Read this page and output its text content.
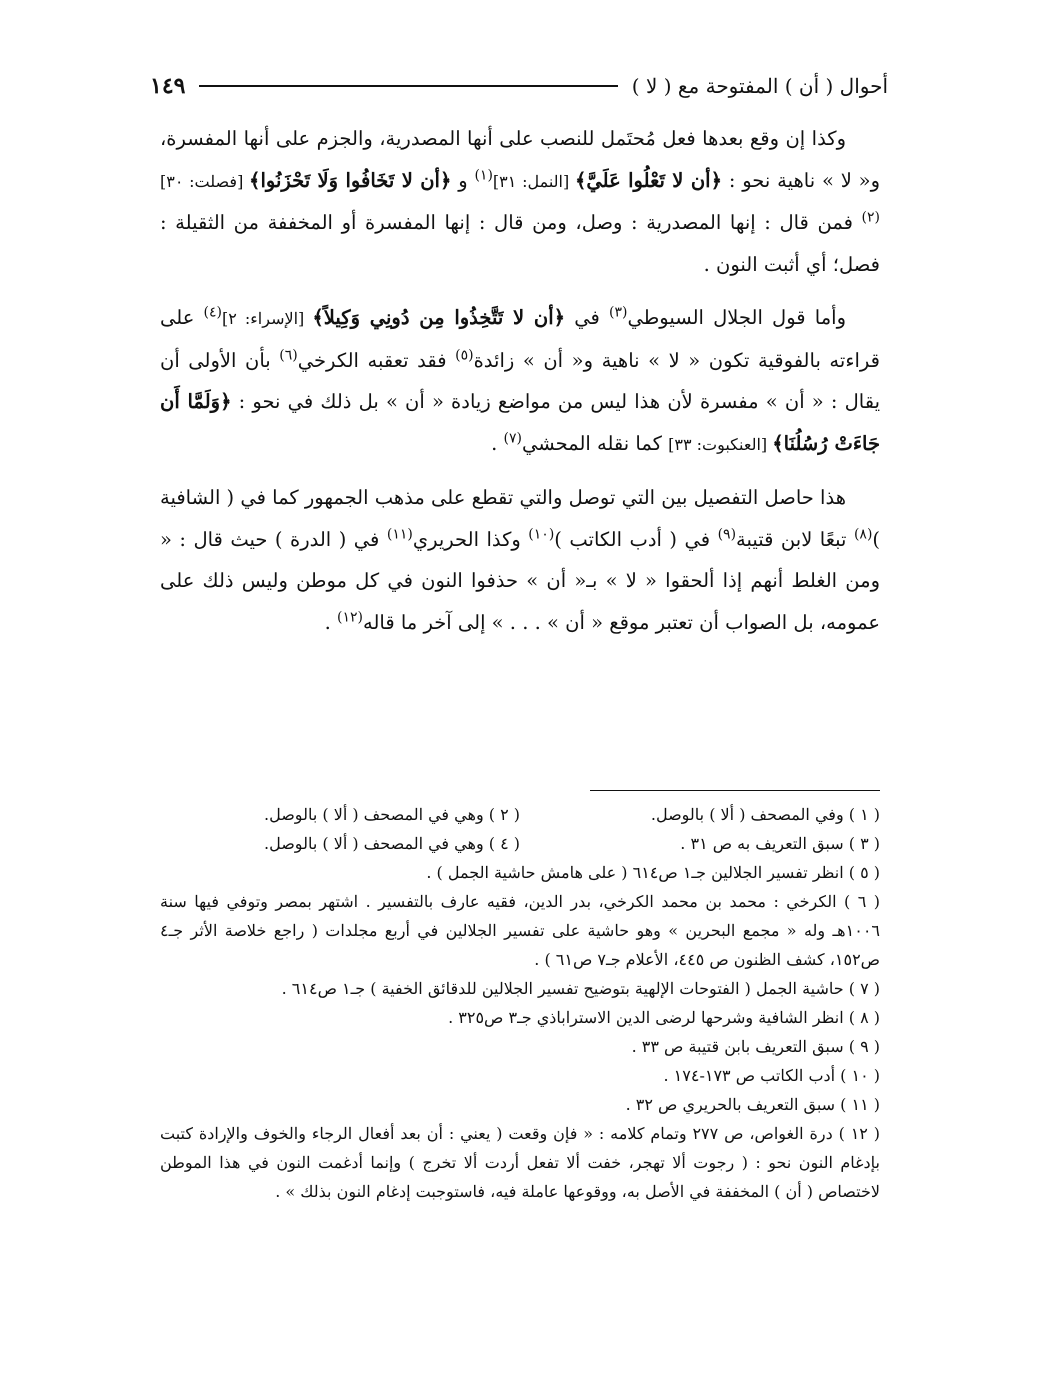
أحوال ( أن ) المفتوحة مع ( لا )
١٤٩

وكذا إن وقع بعدها فعل مُحتَمل للنصب على أنها المصدرية، والجزم على أنها المفسرة، و« لا » ناهية نحو : ﴿أن لا تَعْلُوا عَلَيَّ﴾ [النمل: ٣١]$^{(١)}$ و ﴿أن لا تَخَافُوا وَلَا تَحْزَنُوا﴾ [فصلت: ٣٠]$^{(٢)}$ فمن قال : إنها المصدرية : وصل، ومن قال : إنها المفسرة أو المخففة من الثقيلة : فصل؛ أي أثبت النون .

وأما قول الجلال السيوطي$^{(٣)}$ في ﴿أن لا تَتَّخِذُوا مِن دُونِي وَكِيلاً﴾ [الإسراء: ٢]$^{(٤)}$ على قراءته بالفوقية تكون « لا » ناهية و« أن » زائدة$^{(٥)}$ فقد تعقبه الكرخي$^{(٦)}$ بأن الأولى أن يقال : « أن » مفسرة لأن هذا ليس من مواضع زيادة « أن » بل ذلك في نحو : ﴿وَلَمَّا أَن جَاءَتْ رُسُلُنَا﴾ [العنكبوت: ٣٣] كما نقله المحشي$^{(٧)}$ .

هذا حاصل التفصيل بين التي توصل والتي تقطع على مذهب الجمهور كما في ( الشافية )$^{(٨)}$ تبعًا لابن قتيبة$^{(٩)}$ في ( أدب الكاتب )$^{(١٠)}$ وكذا الحريري$^{(١١)}$ في ( الدرة ) حيث قال : « ومن الغلط أنهم إذا ألحقوا « لا » بـ« أن » حذفوا النون في كل موطن وليس ذلك على عمومه، بل الصواب أن تعتبر موقع « أن » . . . » إلى آخر ما قاله$^{(١٢)}$ .

( ١ ) وفي المصحف ( ألا ) بالوصل.
( ٢ ) وهي في المصحف ( ألا ) بالوصل.
( ٣ ) سبق التعريف به ص ٣١ .
( ٤ ) وهي في المصحف ( ألا ) بالوصل.
( ٥ ) انظر تفسير الجلالين جـ١ ص٦١٤ ( على هامش حاشية الجمل ) .
( ٦ ) الكرخي : محمد بن محمد الكرخي، بدر الدين، فقيه عارف بالتفسير . اشتهر بمصر وتوفي فيها سنة ١٠٠٦هـ وله « مجمع البحرين » وهو حاشية على تفسير الجلالين في أربع مجلدات ( راجع خلاصة الأثر جـ٤ ص١٥٢، كشف الظنون ص ٤٤٥، الأعلام جـ٧ ص٦١ ) .
( ٧ ) حاشية الجمل ( الفتوحات الإلهية بتوضيح تفسير الجلالين للدقائق الخفية ) جـ١ ص٦١٤ .
( ٨ ) انظر الشافية وشرحها لرضى الدين الاستراباذي جـ٣ ص٣٢٥ .
( ٩ ) سبق التعريف بابن قتيبة ص ٣٣ .
( ١٠ ) أدب الكاتب ص ١٧٣-١٧٤ .
( ١١ ) سبق التعريف بالحريري ص ٣٢ .
( ١٢ ) درة الغواص، ص ٢٧٧ وتمام كلامه : « فإن وقعت ( يعني : أن بعد أفعال الرجاء والخوف والإرادة كتبت بإدغام النون نحو : ( رجوت ألا تهجر، خفت ألا تفعل أردت ألا تخرج ) وإنما أدغمت النون في هذا الموطن لاختصاص ( أن ) المخففة في الأصل به، ووقوعها عاملة فيه، فاستوجبت إدغام النون بذلك » .
